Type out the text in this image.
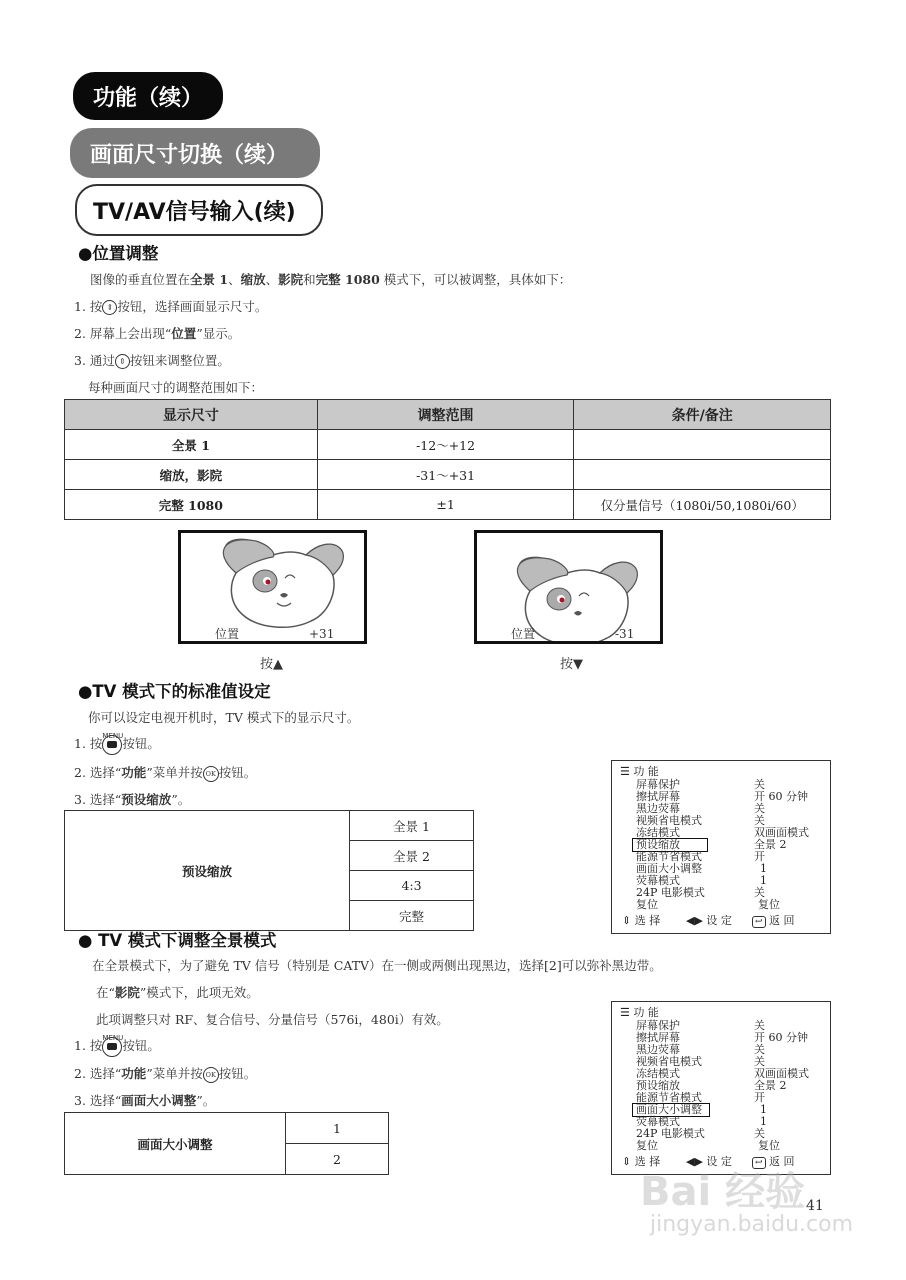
功能（续）
画面尺寸切换（续）
TV/AV信号输入(续)
●位置调整
图像的垂直位置在全景 1、缩放、影院和完整 1080 模式下，可以被调整，具体如下：
1. 按 ⇕ 按钮，选择画面显示尺寸。
2. 屏幕上会出现“位置”显示。
3. 通过 ⇕ 按钮来调整位置。
每种画面尺寸的调整范围如下：
显示尺寸	调整范围	条件/备注
全景 1	-12～+12	
缩放，影院	-31～+31	
完整 1080	±1	仅分量信号（1080i/50,1080i/60）
位置	+31
按▲
位置	-31
按▼
●TV 模式下的标准值设定
你可以设定电视开机时，TV 模式下的显示尺寸。
1. 按
MENU
按钮。
2. 选择“功能”菜单并按 OK 按钮。
3. 选择“预设缩放”。
预设缩放	全景 1
全景 2
4:3
完整
☰ 功 能
屏幕保护	关
擦拭屏幕	开 60 分钟
黑边荧幕	关
视频省电模式	关
冻结模式	双画面模式
预设缩放	全景 2
能源节省模式	开
画面大小调整	1
荧幕模式	1
24P 电影模式	关
复位	复位
⇕ 选 择 ◀▶ 设 定	↩ 返 回
● TV 模式下调整全景模式
在全景模式下，为了避免 TV 信号（特别是 CATV）在一侧或两侧出现黑边，选择[2]可以弥补黑边带。
在“影院”模式下，此项无效。
此项调整只对 RF、复合信号、分量信号（576i，480i）有效。
1. 按
MENU
按钮。
2. 选择“功能”菜单并按 OK 按钮。
3. 选择“画面大小调整”。
画面大小调整	1
2
☰ 功 能
屏幕保护	关
擦拭屏幕	开 60 分钟
黑边荧幕	关
视频省电模式	关
冻结模式	双画面模式
预设缩放	全景 2
能源节省模式	开
画面大小调整	1
荧幕模式	1
24P 电影模式	关
复位	复位
⇕ 选 择 ◀▶ 设 定	↩ 返 回
41
Bai 经验
jingyan.baidu.com
